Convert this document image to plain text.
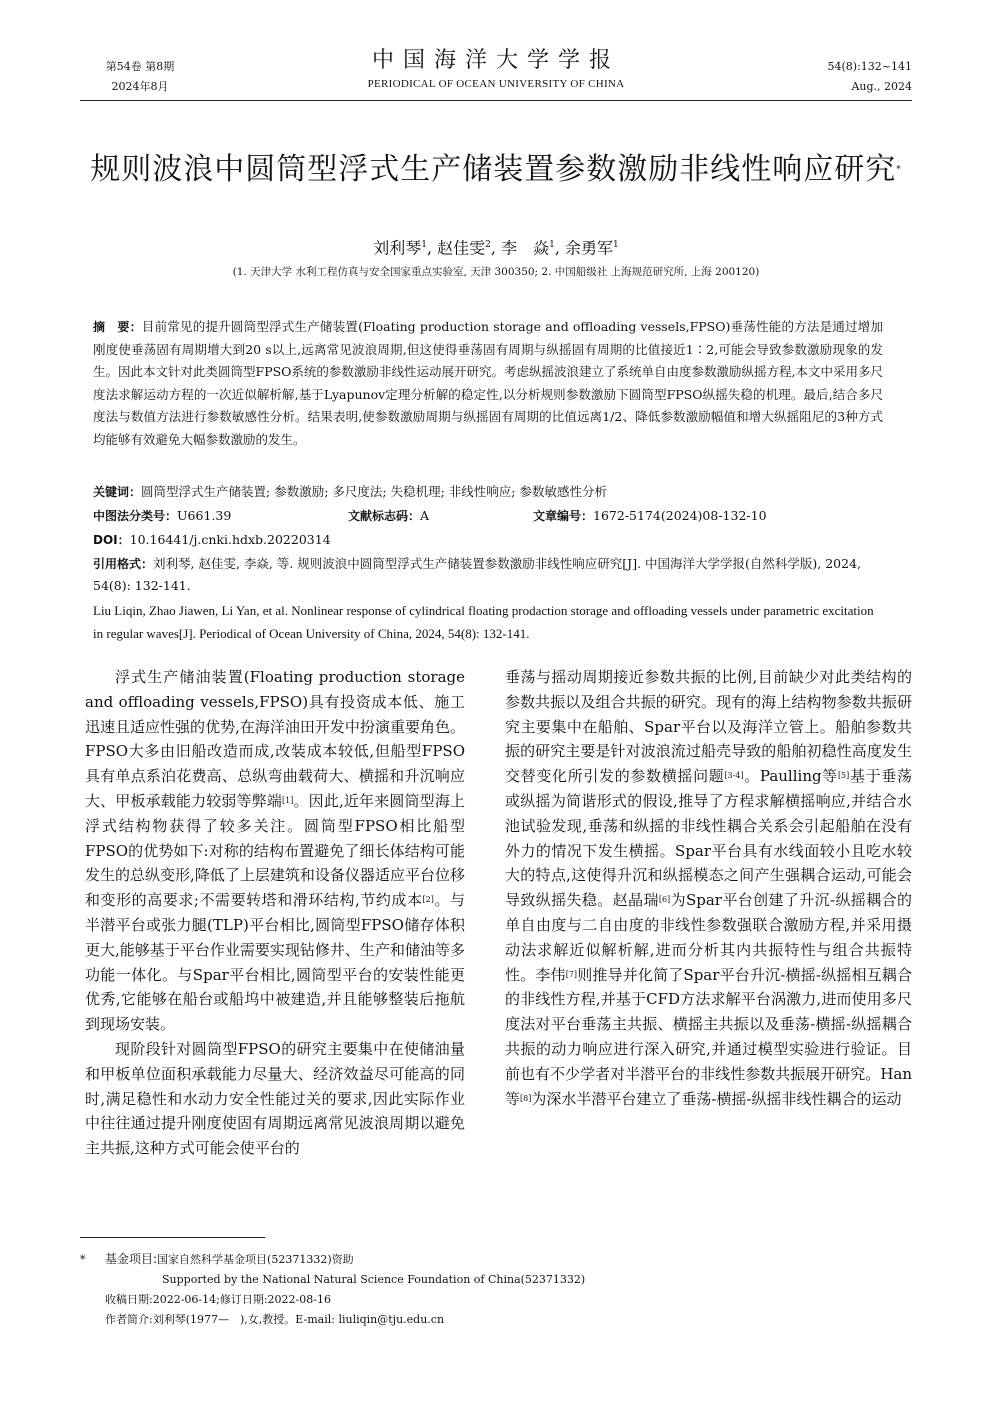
第54卷 第8期
2024年8月
中国海洋大学学报
PERIODICAL OF OCEAN UNIVERSITY OF CHINA
54(8):132~141
Aug., 2024
规则波浪中圆筒型浮式生产储装置参数激励非线性响应研究*
刘利琴$^1$, 赵佳雯$^2$, 李　焱$^1$, 余勇军$^1$
(1. 天津大学 水利工程仿真与安全国家重点实验室, 天津 300350; 2. 中国船级社 上海规范研究所, 上海 200120)
摘　要：目前常见的提升圆筒型浮式生产储装置(Floating production storage and offloading vessels,FPSO)垂荡性能的方法是通过增加刚度使垂荡固有周期增大到20 s以上,远离常见波浪周期,但这使得垂荡固有周期与纵摇固有周期的比值接近1∶2,可能会导致参数激励现象的发生。因此本文针对此类圆筒型FPSO系统的参数激励非线性运动展开研究。考虑纵摇波浪建立了系统单自由度参数激励纵摇方程,本文中采用多尺度法求解运动方程的一次近似解析解,基于Lyapunov定理分析解的稳定性,以分析规则参数激励下圆筒型FPSO纵摇失稳的机理。最后,结合多尺度法与数值方法进行参数敏感性分析。结果表明,使参数激励周期与纵摇固有周期的比值远离1/2、降低参数激励幅值和增大纵摇阻尼的3种方式均能够有效避免大幅参数激励的发生。
关键词：圆筒型浮式生产储装置; 参数激励; 多尺度法; 失稳机理; 非线性响应; 参数敏感性分析
中图法分类号：U661.39	文献标志码：A	文章编号：1672-5174(2024)08-132-10
DOI：10.16441/j.cnki.hdxb.20220314
引用格式：刘利琴, 赵佳雯, 李焱, 等. 规则波浪中圆筒型浮式生产储装置参数激励非线性响应研究[J]. 中国海洋大学学报(自然科学版), 2024, 54(8): 132-141.
Liu Liqin, Zhao Jiawen, Li Yan, et al. Nonlinear response of cylindrical floating prodaction storage and offloading vessels under parametric excitation in regular waves[J]. Periodical of Ocean University of China, 2024, 54(8): 132-141.

浮式生产储油装置(Floating production storage and offloading vessels,FPSO)具有投资成本低、施工迅速且适应性强的优势,在海洋油田开发中扮演重要角色。FPSO大多由旧船改造而成,改装成本较低,但船型FPSO具有单点系泊花费高、总纵弯曲载荷大、横摇和升沉响应大、甲板承载能力较弱等弊端[1]。因此,近年来圆筒型海上浮式结构物获得了较多关注。圆筒型FPSO相比船型FPSO的优势如下:对称的结构布置避免了细长体结构可能发生的总纵变形,降低了上层建筑和设备仪器适应平台位移和变形的高要求;不需要转塔和滑环结构,节约成本[2]。与半潜平台或张力腿(TLP)平台相比,圆筒型FPSO储存体积更大,能够基于平台作业需要实现钻修井、生产和储油等多功能一体化。与Spar平台相比,圆筒型平台的安装性能更优秀,它能够在船台或船坞中被建造,并且能够整装后拖航到现场安装。

现阶段针对圆筒型FPSO的研究主要集中在使储油量和甲板单位面积承载能力尽量大、经济效益尽可能高的同时,满足稳性和水动力安全性能过关的要求,因此实际作业中往往通过提升刚度使固有周期远离常见波浪周期以避免主共振,这种方式可能会使平台的

垂荡与摇动周期接近参数共振的比例,目前缺少对此类结构的参数共振以及组合共振的研究。现有的海上结构物参数共振研究主要集中在船舶、Spar平台以及海洋立管上。船舶参数共振的研究主要是针对波浪流过船壳导致的船舶初稳性高度发生交替变化所引发的参数横摇问题[3-4]。Paulling等[5]基于垂荡或纵摇为简谐形式的假设,推导了方程求解横摇响应,并结合水池试验发现,垂荡和纵摇的非线性耦合关系会引起船舶在没有外力的情况下发生横摇。Spar平台具有水线面较小且吃水较大的特点,这使得升沉和纵摇模态之间产生强耦合运动,可能会导致纵摇失稳。赵晶瑞[6]为Spar平台创建了升沉-纵摇耦合的单自由度与二自由度的非线性参数强联合激励方程,并采用摄动法求解近似解析解,进而分析其内共振特性与组合共振特性。李伟[7]则推导并化简了Spar平台升沉-横摇-纵摇相互耦合的非线性方程,并基于CFD方法求解平台涡激力,进而使用多尺度法对平台垂荡主共振、横摇主共振以及垂荡-横摇-纵摇耦合共振的动力响应进行深入研究,并通过模型实验进行验证。目前也有不少学者对半潜平台的非线性参数共振展开研究。Han等[8]为深水半潜平台建立了垂荡-横摇-纵摇非线性耦合的运动

* 基金项目:国家自然科学基金项目(52371332)资助
Supported by the National Natural Science Foundation of China(52371332)
收稿日期:2022-06-14;修订日期:2022-08-16
作者简介:刘利琴(1977—　),女,教授。E-mail: liuliqin@tju.edu.cn
